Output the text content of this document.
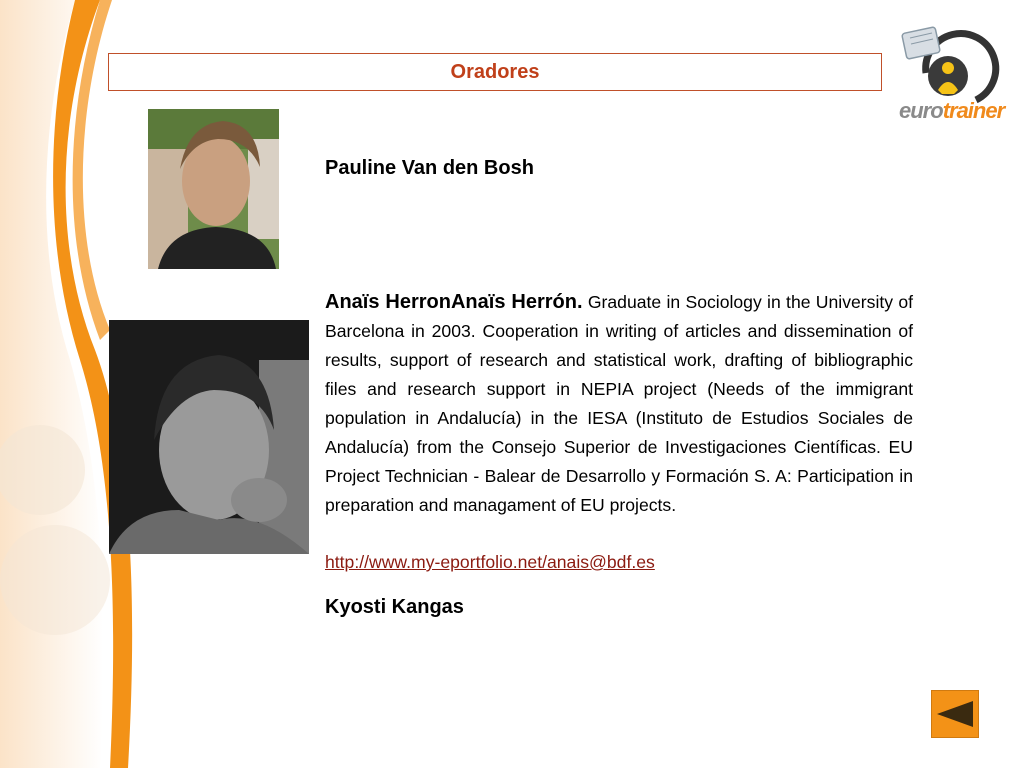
Oradores
eurotrainer
Pauline Van den Bosh
Anaïs HerronAnaïs Herrón. Graduate in Sociology in the University of Barcelona in 2003. Cooperation in writing of articles and dissemination of results, support of research and statistical work, drafting of bibliographic files and research support in NEPIA project (Needs of the immigrant population in Andalucía) in the IESA (Instituto de Estudios Sociales de Andalucía) from the Consejo Superior de Investigaciones Científicas. EU Project Technician - Balear de Desarrollo y Formación S. A: Participation in preparation and managament of EU projects.
http://www.my-eportfolio.net/anais@bdf.es
Kyosti Kangas
